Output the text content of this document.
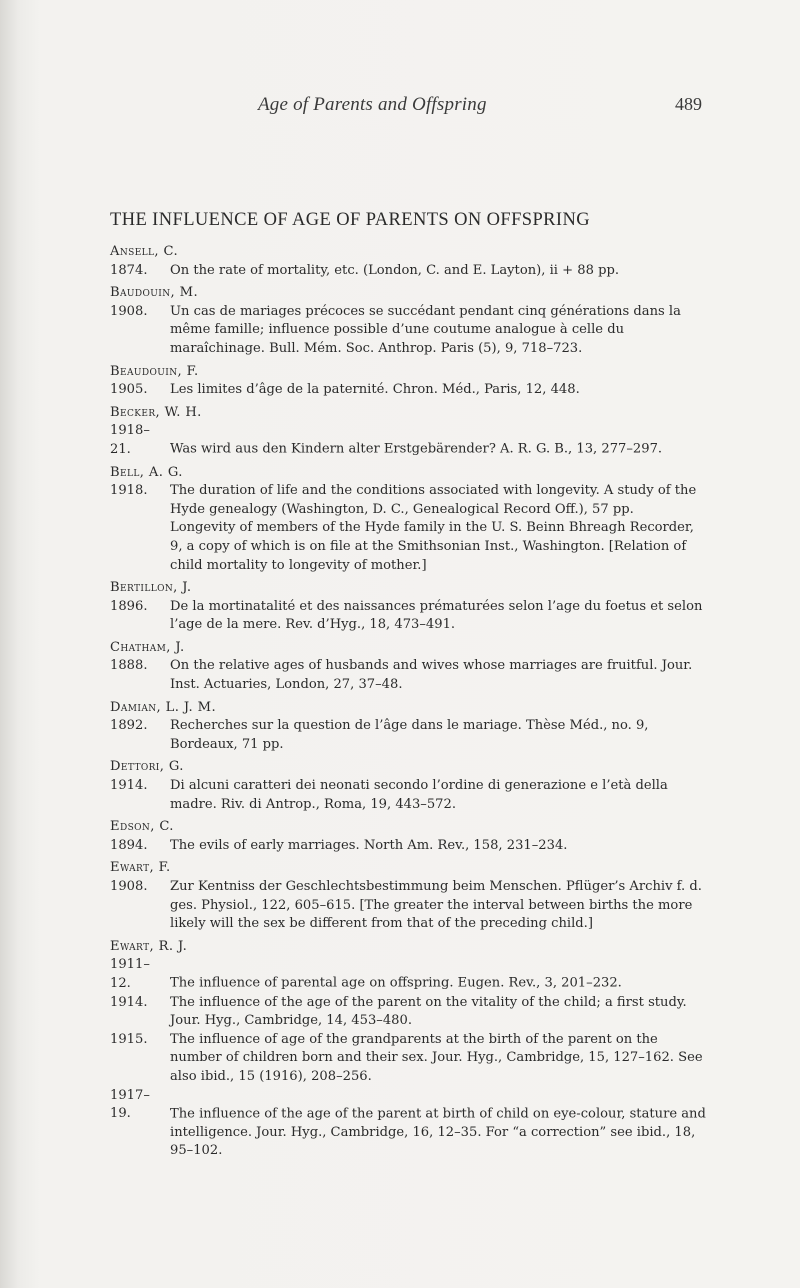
Age of Parents and Offspring	489
THE INFLUENCE OF AGE OF PARENTS ON OFFSPRING
Ansell, C.
1874. On the rate of mortality, etc. (London, C. and E. Layton), ii + 88 pp.
Baudouin, M.
1908. Un cas de mariages précoces se succédant pendant cinq générations dans la même famille; influence possible d’une coutume analogue à celle du maraîchinage. Bull. Mém. Soc. Anthrop. Paris (5), 9, 718–723.
Beaudouin, F.
1905. Les limites d’âge de la paternité. Chron. Méd., Paris, 12, 448.
Becker, W. H.
1918–21.	Was wird aus den Kindern alter Erstgebärender? A. R. G. B., 13, 277–297.
Bell, A. G.
1918. The duration of life and the conditions associated with longevity. A study of the Hyde genealogy (Washington, D. C., Genealogical Record Off.), 57 pp.
Longevity of members of the Hyde family in the U. S. Beinn Bhreagh Recorder, 9, a copy of which is on file at the Smithsonian Inst., Washington. [Relation of child mortality to longevity of mother.]
Bertillon, J.
1896. De la mortinatalité et des naissances prématurées selon l’age du foetus et selon l’age de la mere. Rev. d’Hyg., 18, 473–491.
Chatham, J.
1888. On the relative ages of husbands and wives whose marriages are fruitful. Jour. Inst. Actuaries, London, 27, 37–48.
Damian, L. J. M.
1892. Recherches sur la question de l’âge dans le mariage. Thèse Méd., no. 9, Bordeaux, 71 pp.
Dettori, G.
1914. Di alcuni caratteri dei neonati secondo l’ordine di generazione e l’età della madre. Riv. di Antrop., Roma, 19, 443–572.
Edson, C.
1894. The evils of early marriages. North Am. Rev., 158, 231–234.
Ewart, F.
1908. Zur Kentniss der Geschlechtsbestimmung beim Menschen. Pflüger’s Archiv f. d. ges. Physiol., 122, 605–615. [The greater the interval between births the more likely will the sex be different from that of the preceding child.]
Ewart, R. J.
1911–12.	The influence of parental age on offspring. Eugen. Rev., 3, 201–232.
1914. The influence of the age of the parent on the vitality of the child; a first study. Jour. Hyg., Cambridge, 14, 453–480.
1915. The influence of age of the grandparents at the birth of the parent on the number of children born and their sex. Jour. Hyg., Cambridge, 15, 127–162. See also ibid., 15 (1916), 208–256.
1917–19.	The influence of the age of the parent at birth of child on eye-colour, stature and intelligence. Jour. Hyg., Cambridge, 16, 12–35. For “a correction” see ibid., 18, 95–102.
